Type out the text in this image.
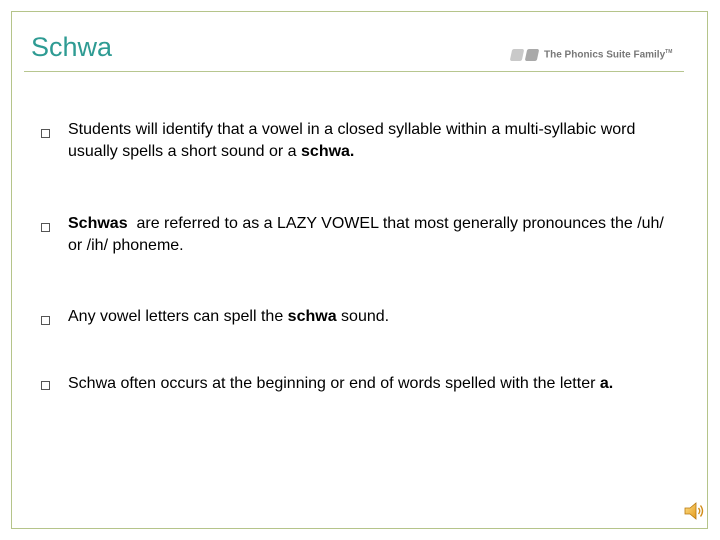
Schwa	The Phonics Suite Family™

Students will identify that a vowel in a closed syllable within a multi-syllabic word usually spells a short sound or a schwa.

Schwas  are referred to as a LAZY VOWEL that most generally pronounces the /uh/ or /ih/ phoneme.

Any vowel letters can spell the schwa sound.

Schwa often occurs at the beginning or end of words spelled with the letter a.
